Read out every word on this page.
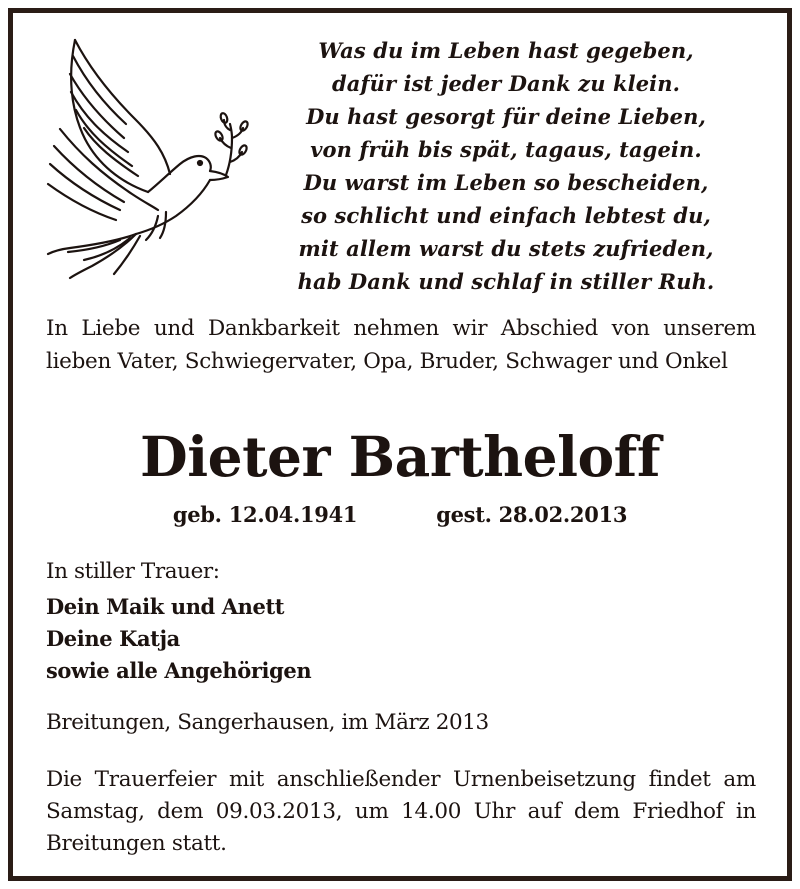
Was du im Leben hast gegeben,
dafür ist jeder Dank zu klein.
Du hast gesorgt für deine Lieben,
von früh bis spät, tagaus, tagein.
Du warst im Leben so bescheiden,
so schlicht und einfach lebtest du,
mit allem warst du stets zufrieden,
hab Dank und schlaf in stiller Ruh.
In Liebe und Dankbarkeit nehmen wir Abschied von unserem lieben Vater, Schwiegervater, Opa, Bruder, Schwager und Onkel
Dieter Bartheloff
geb. 12.04.1941	gest. 28.02.2013
In stiller Trauer:
Dein Maik und Anett
Deine Katja
sowie alle Angehörigen
Breitungen, Sangerhausen, im März 2013
Die Trauerfeier mit anschließender Urnenbeisetzung findet am Samstag, dem 09.03.2013, um 14.00 Uhr auf dem Friedhof in Breitungen statt.
